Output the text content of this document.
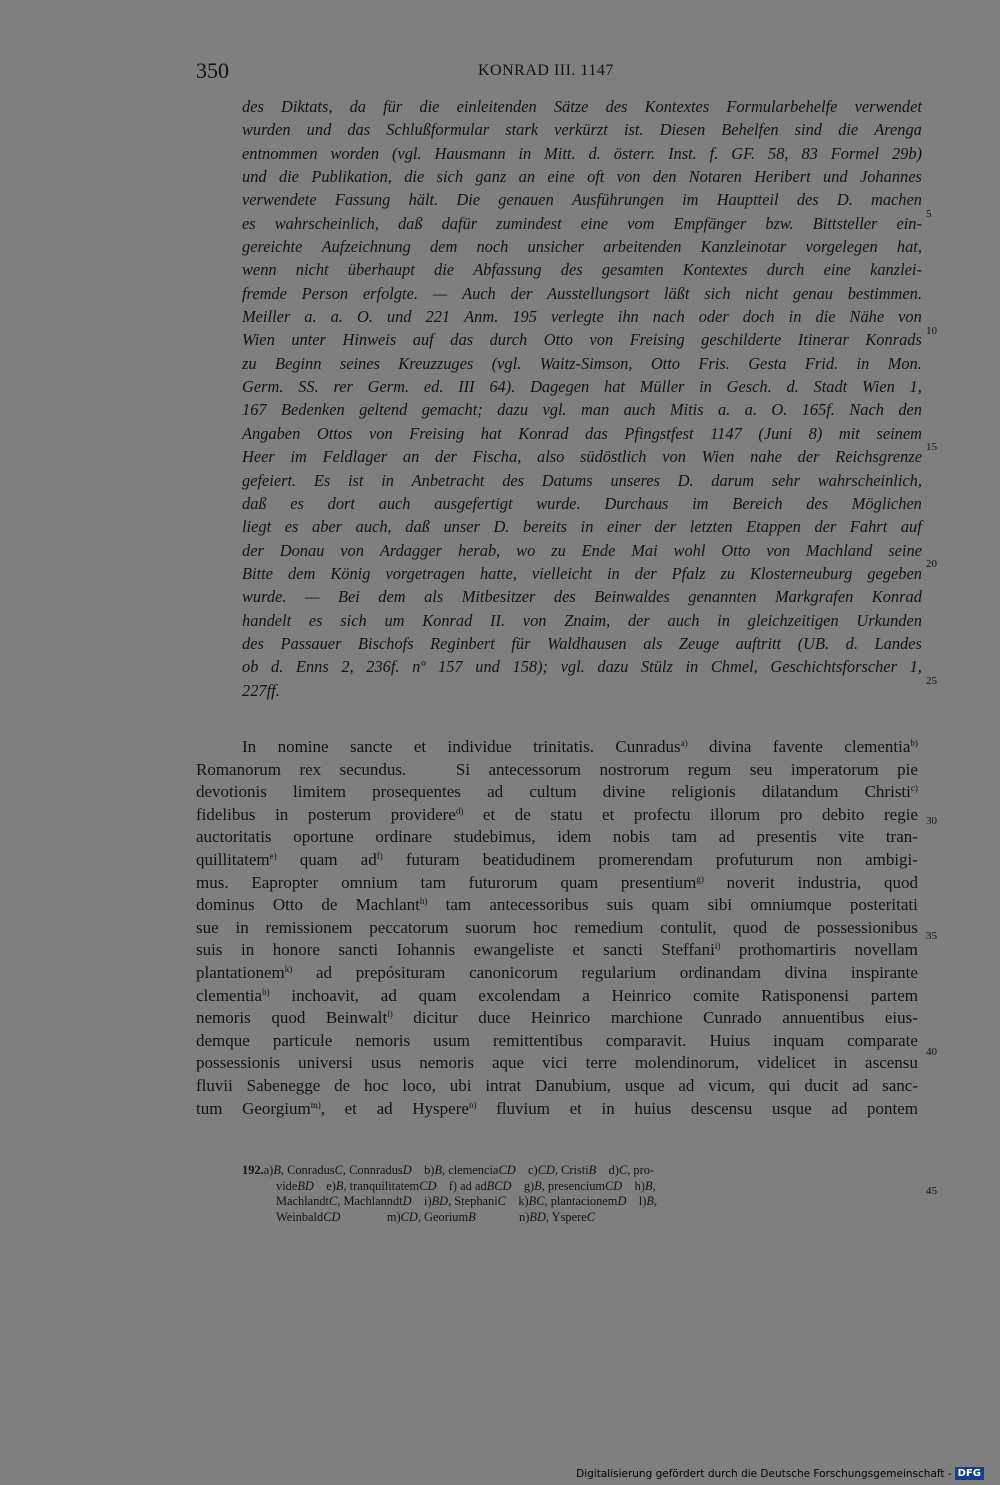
350	KONRAD III. 1147
des Diktats, da für die einleitenden Sätze des Kontextes Formularbehelfe verwendet
wurden und das Schlußformular stark verkürzt ist. Diesen Behelfen sind die Arenga
entnommen worden (vgl. Hausmann in Mitt. d. österr. Inst. f. GF. 58, 83 Formel 29b)
und die Publikation, die sich ganz an eine oft von den Notaren Heribert und Johannes
verwendete Fassung hält. Die genauen Ausführungen im Hauptteil des D. machen
es wahrscheinlich, daß dafür zumindest eine vom Empfänger bzw. Bittsteller ein-
gereichte Aufzeichnung dem noch unsicher arbeitenden Kanzleinotar vorgelegen hat,
wenn nicht überhaupt die Abfassung des gesamten Kontextes durch eine kanzlei-
fremde Person erfolgte. — Auch der Ausstellungsort läßt sich nicht genau bestimmen.
Meiller a. a. O. und 221 Anm. 195 verlegte ihn nach oder doch in die Nähe von
Wien unter Hinweis auf das durch Otto von Freising geschilderte Itinerar Konrads
zu Beginn seines Kreuzzuges (vgl. Waitz-Simson, Otto Fris. Gesta Frid. in Mon.
Germ. SS. rer Germ. ed. III 64). Dagegen hat Müller in Gesch. d. Stadt Wien 1,
167 Bedenken geltend gemacht; dazu vgl. man auch Mitis a. a. O. 165f. Nach den
Angaben Ottos von Freising hat Konrad das Pfingstfest 1147 (Juni 8) mit seinem
Heer im Feldlager an der Fischa, also südöstlich von Wien nahe der Reichsgrenze
gefeiert. Es ist in Anbetracht des Datums unseres D. darum sehr wahrscheinlich,
daß es dort auch ausgefertigt wurde. Durchaus im Bereich des Möglichen
liegt es aber auch, daß unser D. bereits in einer der letzten Etappen der Fahrt auf
der Donau von Ardagger herab, wo zu Ende Mai wohl Otto von Machland seine
Bitte dem König vorgetragen hatte, vielleicht in der Pfalz zu Klosterneuburg gegeben
wurde. — Bei dem als Mitbesitzer des Beinwaldes genannten Markgrafen Konrad
handelt es sich um Konrad II. von Znaim, der auch in gleichzeitigen Urkunden
des Passauer Bischofs Reginbert für Waldhausen als Zeuge auftritt (UB. d. Landes
ob d. Enns 2, 236f. nº 157 und 158); vgl. dazu Stülz in Chmel, Geschichtsforscher 1,
227ff.
In nomine sancte et individue trinitatis. Cunradus$^{a)}$ divina favente clementia$^{b)}$
Romanorum rex secundus.
	Si antecessorum nostrorum regum seu imperatorum pie
devotionis limitem prosequentes ad cultum divine religionis dilatandum Christi$^{c)}$
fidelibus in posterum providere$^{d)}$ et de statu et profectu illorum pro debito regie
auctoritatis oportune ordinare studebimus, idem nobis tam ad presentis vite tran-
quillitatem$^{e)}$ quam $ad^{f)}$ futuram beatidudinem promerendam profuturum non ambigi-
mus. Eapropter omnium tam futurorum quam presentium$^{g)}$ noverit industria, quod
dominus Otto de Machlant$^{h)}$ tam antecessoribus suis quam sibi omniumque posteritati
sue in remissionem peccatorum suorum hoc remedium contulit, quod de possessionibus
suis in honore sancti Iohannis ewangeliste et sancti Steffani$^{i)}$ prothomartiris novellam
plantationem$^{k)}$ ad prepósituram canonicorum regularium ordinandam divina inspirante
clementia$^{b)}$ inchoavit, ad quam excolendam a Heinrico comite Ratisponensi partem
nemoris quod Beinwalt$^{l)}$ dicitur duce Heinrico marchione Cunrado annuentibus eius-
demque particule nemoris usum remittentibus comparavit. Huius inquam comparate
possessionis universi usus nemoris aque vici terre molendinorum, videlicet in ascensu
fluvii Sabenegge de hoc loco, ubi intrat Danubium, usque ad vicum, qui ducit ad sanc-
tum Georgium$^{m)}$, et ad Hyspere$^{n)}$ fluvium et in huius descensu usque ad pontem
192. a) B , Conradus C , Connradus D b) B , clemencia CD c) CD , Cristi B d) C , pro-
vide BD e) B , tranquilitatem CD f) ad ad BCD g) B , presencium CD h) B ,
Machlandt C , Machlanndt D i) BD , Stephani C k) BC , plantacionem D l) B ,
Weinbald CD m) CD , Georium B n) BD , Yspere C
5
10
15
20
25
30
35
40
45
Digitalisierung gefördert durch die Deutsche Forschungsgemeinschaft - DFG
